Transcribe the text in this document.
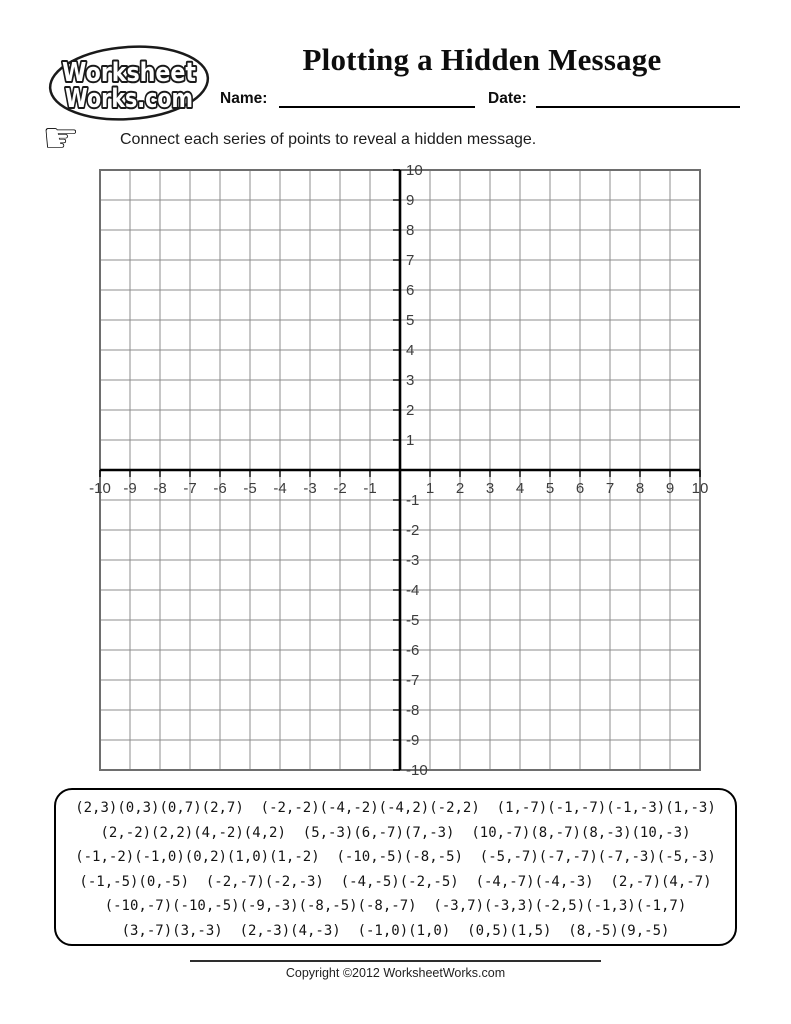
Worksheet
Works.com
Plotting a Hidden Message
Name:	Date:
☞	Connect each series of points to reveal a hidden message.
-10 -9 -8 -7 -6 -5 -4 -3 -2 -1	1 2 3 4 5 6 7 8 9 10
10
9
8
7
6
5
4
3
2
1
-1
-2
-3
-4
-5
-6
-7
-8
-9
-10
(2,3)(0,3)(0,7)(2,7)  (-2,-2)(-4,-2)(-4,2)(-2,2)  (1,-7)(-1,-7)(-1,-3)(1,-3)
(2,-2)(2,2)(4,-2)(4,2)  (5,-3)(6,-7)(7,-3)  (10,-7)(8,-7)(8,-3)(10,-3)
(-1,-2)(-1,0)(0,2)(1,0)(1,-2)  (-10,-5)(-8,-5)  (-5,-7)(-7,-7)(-7,-3)(-5,-3)
(-1,-5)(0,-5)  (-2,-7)(-2,-3)  (-4,-5)(-2,-5)  (-4,-7)(-4,-3)  (2,-7)(4,-7)
(-10,-7)(-10,-5)(-9,-3)(-8,-5)(-8,-7)  (-3,7)(-3,3)(-2,5)(-1,3)(-1,7)
(3,-7)(3,-3)  (2,-3)(4,-3)  (-1,0)(1,0)  (0,5)(1,5)  (8,-5)(9,-5)
Copyright ©2012 WorksheetWorks.com
